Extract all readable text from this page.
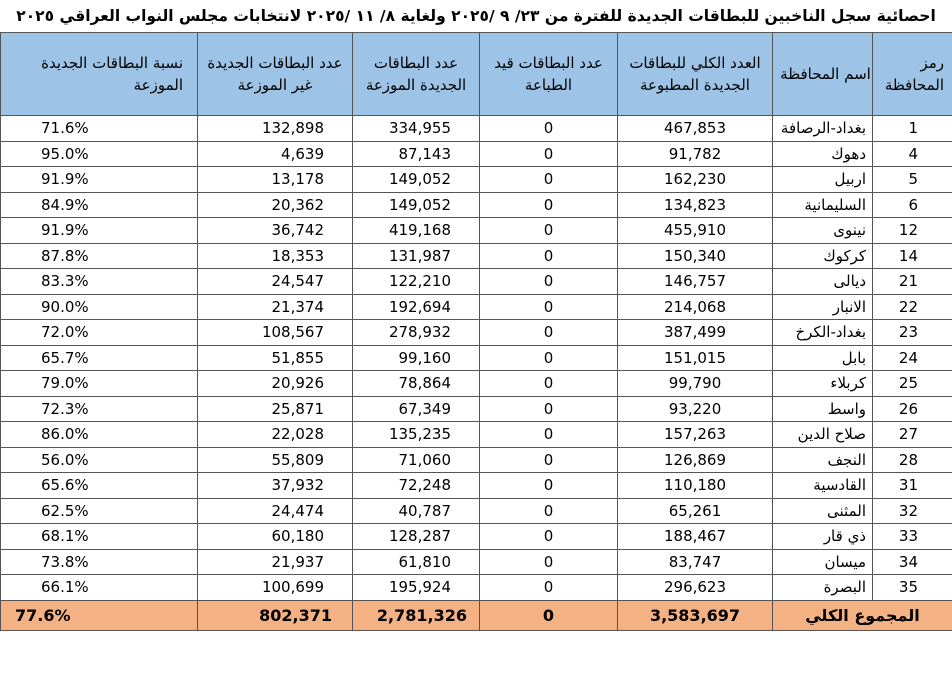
احصائية سجل الناخبين للبطاقات الجديدة للفترة من ٢٣/ ٩ /٢٠٢٥ ولغاية ٨/ ١١ /٢٠٢٥ لانتخابات مجلس النواب العراقي ٢٠٢٥
رمز المحافظة	اسم المحافظة	العدد الكلي للبطاقات الجديدة المطبوعة	عدد البطاقات قيد الطباعة	عدد البطاقات الجديدة الموزعة	عدد البطاقات الجديدة غير الموزعة	نسبة البطاقات الجديدة الموزعة
1	بغداد-الرصافة	467,853	0	334,955	132,898	71.6%
4	دهوك	91,782	0	87,143	4,639	95.0%
5	اربيل	162,230	0	149,052	13,178	91.9%
6	السليمانية	134,823	0	149,052	20,362	84.9%
12	نينوى	455,910	0	419,168	36,742	91.9%
14	كركوك	150,340	0	131,987	18,353	87.8%
21	ديالى	146,757	0	122,210	24,547	83.3%
22	الانبار	214,068	0	192,694	21,374	90.0%
23	بغداد-الكرخ	387,499	0	278,932	108,567	72.0%
24	بابل	151,015	0	99,160	51,855	65.7%
25	كربلاء	99,790	0	78,864	20,926	79.0%
26	واسط	93,220	0	67,349	25,871	72.3%
27	صلاح الدين	157,263	0	135,235	22,028	86.0%
28	النجف	126,869	0	71,060	55,809	56.0%
31	القادسية	110,180	0	72,248	37,932	65.6%
32	المثنى	65,261	0	40,787	24,474	62.5%
33	ذي قار	188,467	0	128,287	60,180	68.1%
34	ميسان	83,747	0	61,810	21,937	73.8%
35	البصرة	296,623	0	195,924	100,699	66.1%
المجموع الكلي		3,583,697	0	2,781,326	802,371	77.6%
